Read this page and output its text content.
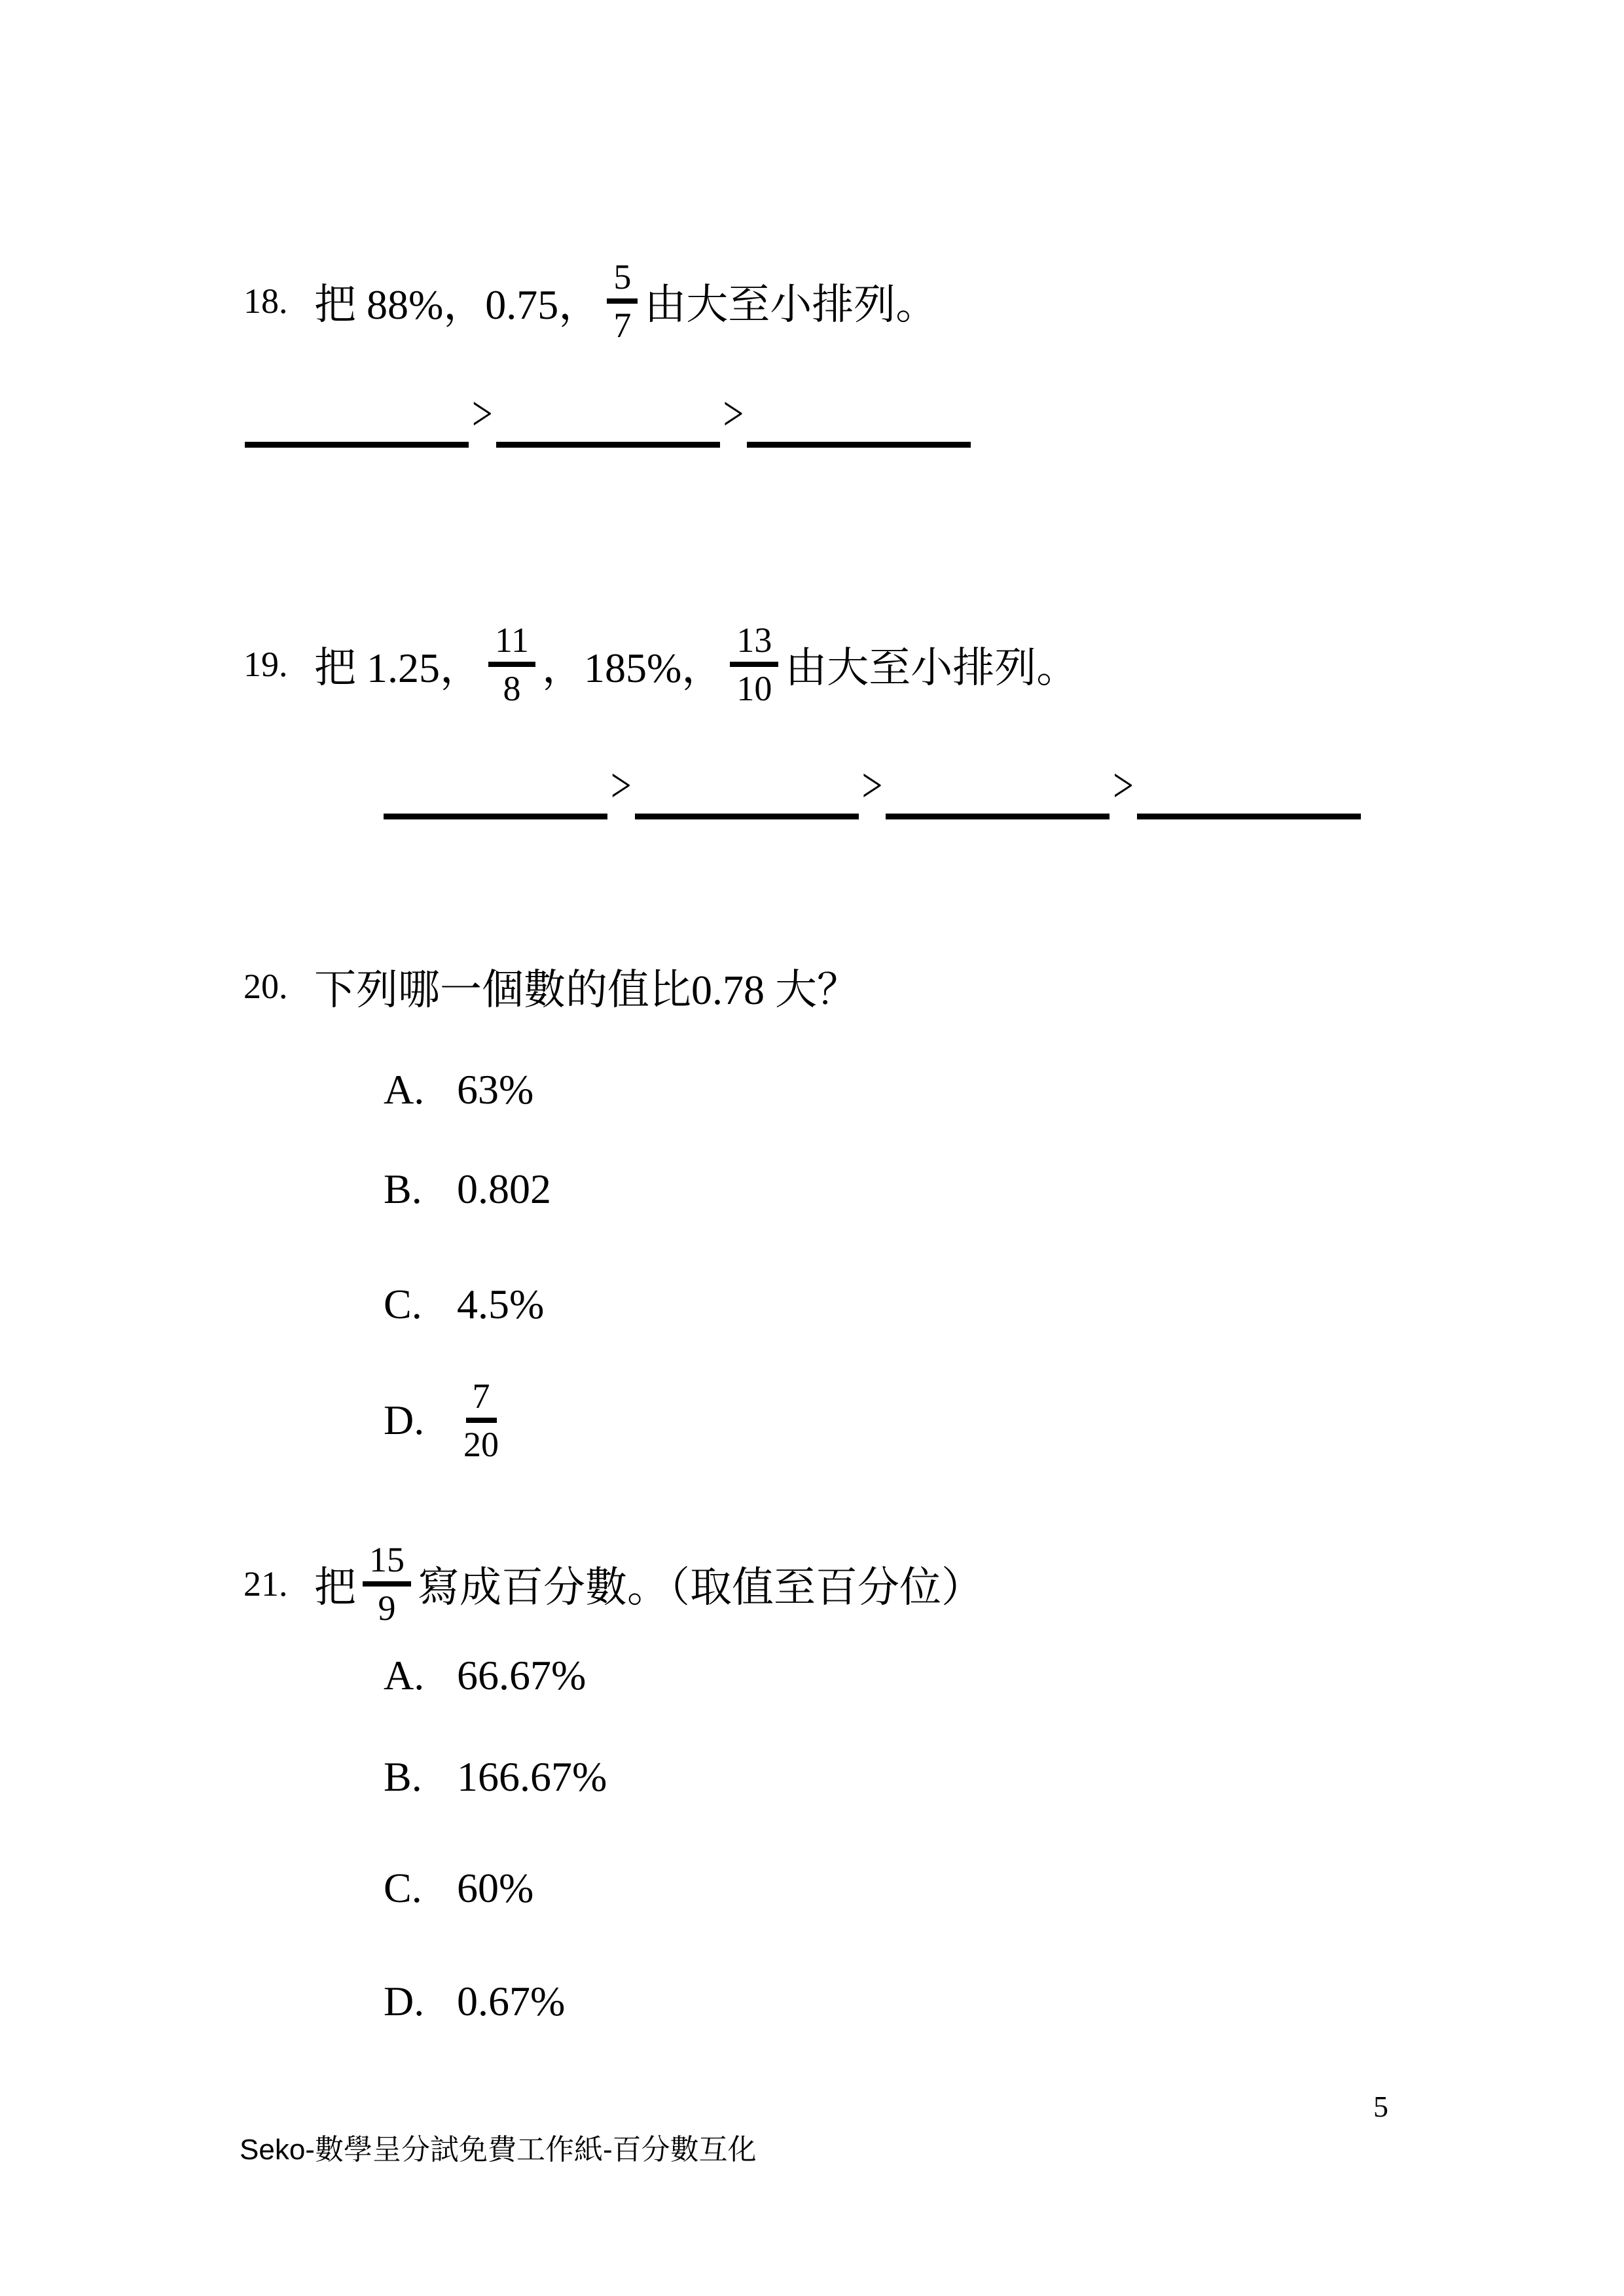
18. 把 88%，0.75， $\frac{5}{7}$ 由大至小排列。
>	>
19. 把 1.25， $\frac{11}{8}$ ，185%， $\frac{13}{10}$ 由大至小排列。
>	>	>
20. 下列哪一個數的值比0.78 大？
A. 63%
B. 0.802
C. 4.5%
D.	$\frac{7}{20}$
21. 把 $\frac{15}{9}$ 寫成百分數。（取值至百分位）
A. 66.67%
B. 166.67%
C. 60%
D. 0.67%
Seko-數學呈分試免費工作紙-百分數互化
5
